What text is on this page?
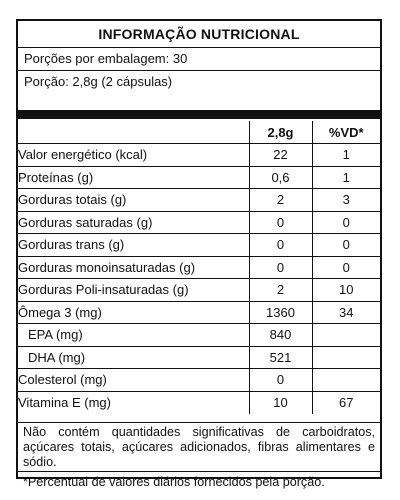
INFORMAÇÃO NUTRICIONAL
Porções por embalagem: 30
Porção: 2,8g (2 cápsulas)
	2,8g	%VD*
Valor energético (kcal)	22	1
Proteínas (g)	0,6	1
Gorduras totais (g)	2	3
Gorduras saturadas (g)	0	0
Gorduras trans (g)	0	0
Gorduras monoinsaturadas (g)	0	0
Gorduras Poli-insaturadas (g)	2	10
Ômega 3 (mg)	1360	34
EPA (mg)	840	
DHA (mg)	521	
Colesterol (mg)	0	
Vitamina E (mg)	10	67
Não contém quantidades significativas de carboidratos, açúcares totais, açúcares adicionados, fibras alimentares e sódio.
*Percentual de valores diários fornecidos pela porção.
